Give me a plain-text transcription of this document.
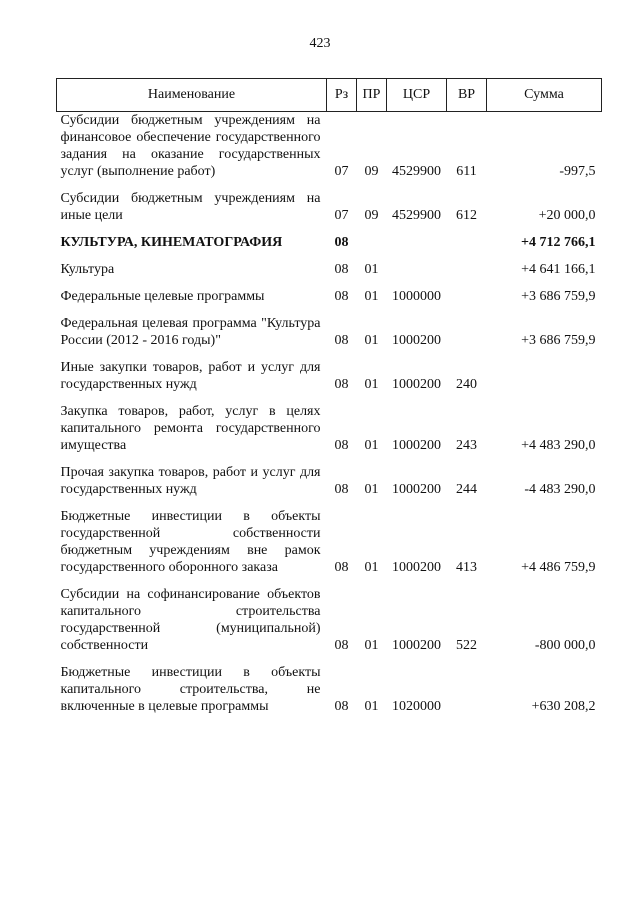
423
Наименование	Рз	ПР	ЦСР	ВР	Сумма
Субсидии бюджетным учреждениям на финансовое обеспечение государственного задания на оказание государственных услуг (выполнение работ)	07	09	4529900	611	-997,5
Субсидии бюджетным учреждениям на иные цели	07	09	4529900	612	+20 000,0
КУЛЬТУРА, КИНЕМАТОГРАФИЯ	08				+4 712 766,1
Культура	08	01			+4 641 166,1
Федеральные целевые программы	08	01	1000000		+3 686 759,9
Федеральная целевая программа "Культура России (2012 - 2016 годы)"	08	01	1000200		+3 686 759,9
Иные закупки товаров, работ и услуг для государственных нужд	08	01	1000200	240	
Закупка товаров, работ, услуг в целях капитального ремонта государственного имущества	08	01	1000200	243	+4 483 290,0
Прочая закупка товаров, работ и услуг для государственных нужд	08	01	1000200	244	-4 483 290,0
Бюджетные инвестиции в объекты государственной собственности бюджетным учреждениям вне рамок государственного оборонного заказа	08	01	1000200	413	+4 486 759,9
Субсидии на софинансирование объектов капитального строительства государственной (муниципальной) собственности	08	01	1000200	522	-800 000,0
Бюджетные инвестиции в объекты капитального строительства, не включенные в целевые программы	08	01	1020000		+630 208,2
